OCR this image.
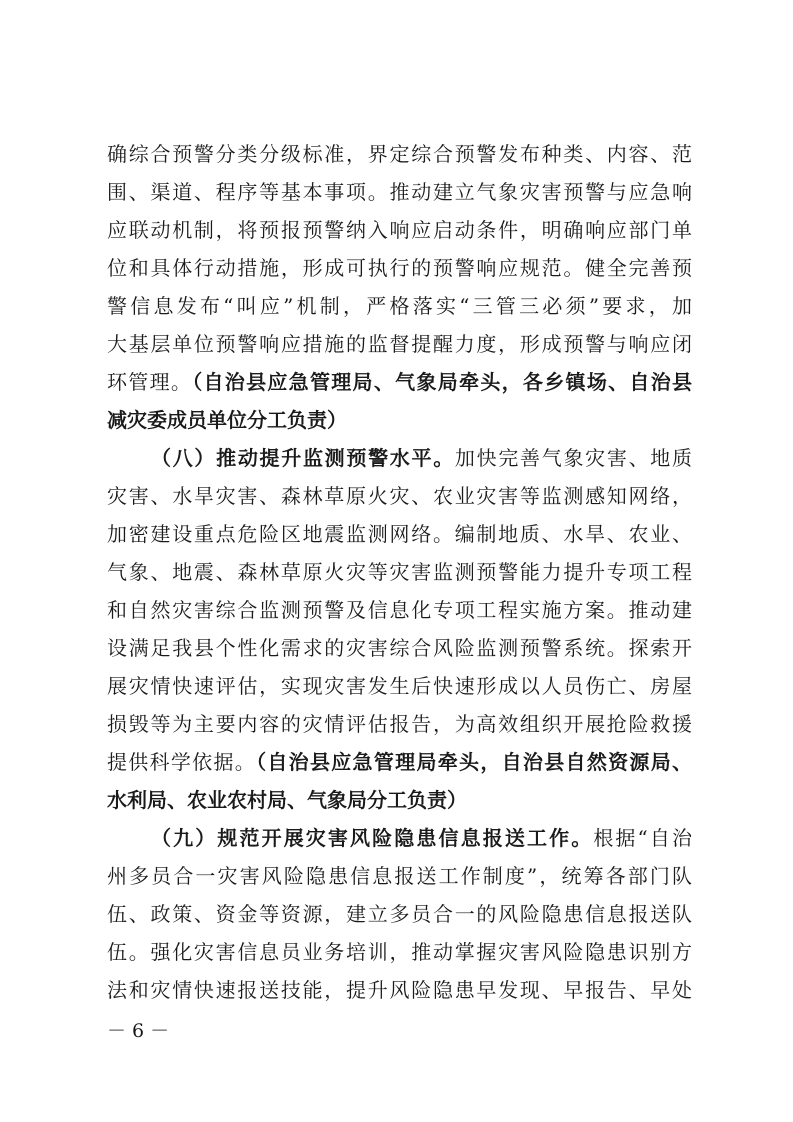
确综合预警分类分级标准，界定综合预警发布种类、内容、范
围、渠道、程序等基本事项。推动建立气象灾害预警与应急响
应联动机制，将预报预警纳入响应启动条件，明确响应部门单
位和具体行动措施，形成可执行的预警响应规范。健全完善预
警信息发布“叫应”机制，严格落实“三管三必须”要求，加
大基层单位预警响应措施的监督提醒力度，形成预警与响应闭
环管理。（自治县应急管理局、气象局牵头，各乡镇场、自治县
减灾委成员单位分工负责）
（八）推动提升监测预警水平。加快完善气象灾害、地质
灾害、水旱灾害、森林草原火灾、农业灾害等监测感知网络，
加密建设重点危险区地震监测网络。编制地质、水旱、农业、
气象、地震、森林草原火灾等灾害监测预警能力提升专项工程
和自然灾害综合监测预警及信息化专项工程实施方案。推动建
设满足我县个性化需求的灾害综合风险监测预警系统。探索开
展灾情快速评估，实现灾害发生后快速形成以人员伤亡、房屋
损毁等为主要内容的灾情评估报告，为高效组织开展抢险救援
提供科学依据。（自治县应急管理局牵头，自治县自然资源局、
水利局、农业农村局、气象局分工负责）
（九）规范开展灾害风险隐患信息报送工作。根据“自治
州多员合一灾害风险隐患信息报送工作制度”，统筹各部门队
伍、政策、资金等资源，建立多员合一的风险隐患信息报送队
伍。强化灾害信息员业务培训，推动掌握灾害风险隐患识别方
法和灾情快速报送技能，提升风险隐患早发现、早报告、早处
－ 6 －
